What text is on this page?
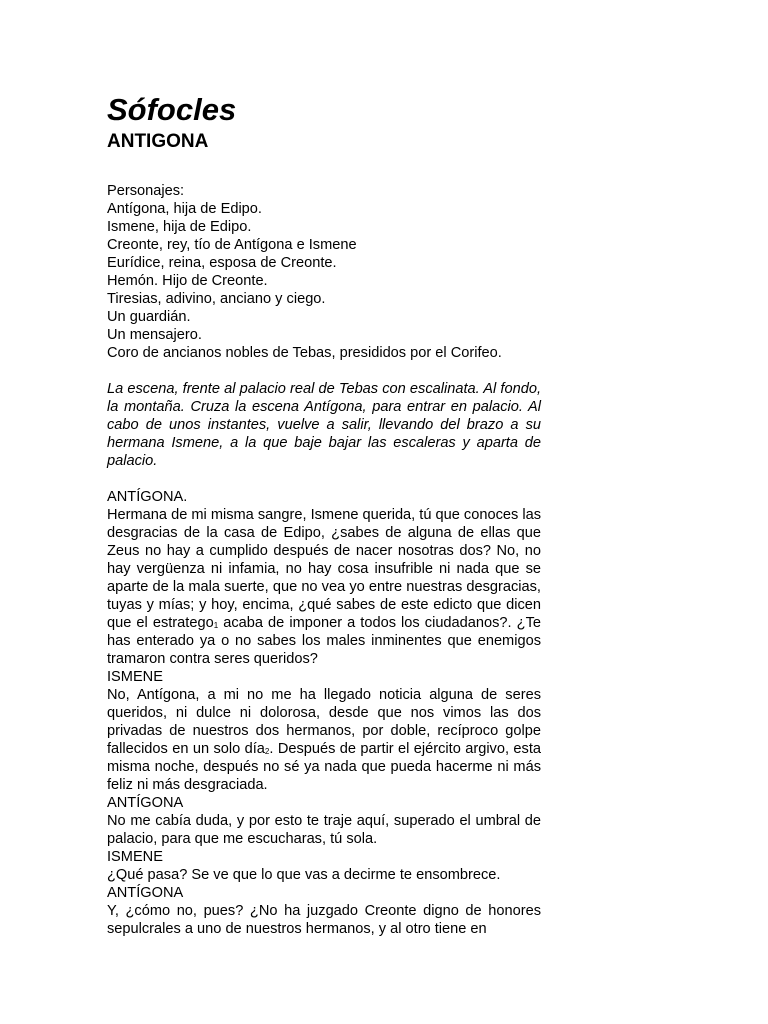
Sófocles
ANTIGONA
Personajes:
Antígona, hija de Edipo.
Ismene, hija de Edipo.
Creonte, rey, tío de Antígona e Ismene
Eurídice, reina, esposa de Creonte.
Hemón. Hijo de Creonte.
Tiresias, adivino, anciano y ciego.
Un guardián.
Un mensajero.
Coro de ancianos nobles de Tebas, presididos por el Corifeo.

La escena, frente al palacio real de Tebas con escalinata. Al fondo, la montaña. Cruza la escena Antígona, para entrar en palacio. Al cabo de unos instantes, vuelve a salir, llevando del brazo a su hermana Ismene, a la que baje bajar las escaleras y aparta de palacio.

ANTÍGONA.
Hermana de mi misma sangre, Ismene querida, tú que conoces las desgracias de la casa de Edipo, ¿sabes de alguna de ellas que Zeus no hay a cumplido después de nacer nosotras dos? No, no hay vergüenza ni infamia, no hay cosa insufrible ni nada que se aparte de la mala suerte, que no vea yo entre nuestras desgracias, tuyas y mías; y hoy, encima, ¿qué sabes de este edicto que dicen que el estratego$_1$ acaba de imponer a todos los ciudadanos?. ¿Te has enterado ya o no sabes los males inminentes que enemigos tramaron contra seres queridos?
ISMENE
No, Antígona, a mi no me ha llegado noticia alguna de seres queridos, ni dulce ni dolorosa, desde que nos vimos las dos privadas de nuestros dos hermanos, por doble, recíproco golpe fallecidos en un solo día$_2$. Después de partir el ejército argivo, esta misma noche, después no sé ya nada que pueda hacerme ni más feliz ni más desgraciada.
ANTÍGONA
No me cabía duda, y por esto te traje aquí, superado el umbral de palacio, para que me escucharas, tú sola.
ISMENE
¿Qué pasa? Se ve que lo que vas a decirme te ensombrece.
ANTÍGONA
Y, ¿cómo no, pues? ¿No ha juzgado Creonte digno de honores sepulcrales a uno de nuestros hermanos, y al otro tiene en
